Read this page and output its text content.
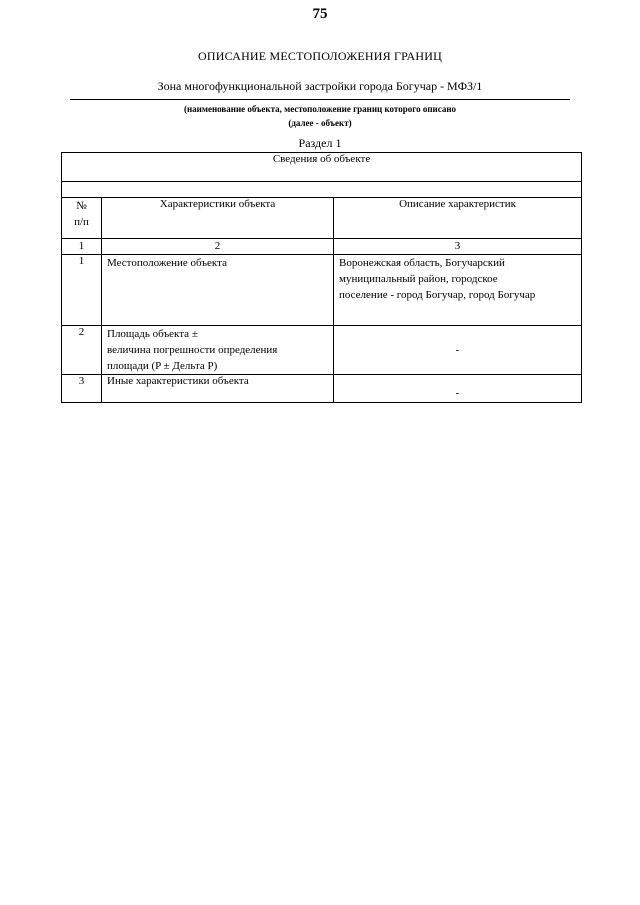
75
ОПИСАНИЕ МЕСТОПОЛОЖЕНИЯ ГРАНИЦ
Зона многофункциональной застройки города Богучар - МФЗ/1
(наименование объекта, местоположение границ которого описано
(далее - объект)
Раздел 1
Сведения об объекте		

№
п/п	Характеристики объекта	Описание характеристик
1	2	3
1	Местоположение объекта	Воронежская область, Богучарский
муниципальный район, городское
поселение - город Богучар, город Богучар
2	Площадь объекта ±
величина погрешности определения
площади (P ± Дельта P)	-
3	Иные характеристики объекта	-
